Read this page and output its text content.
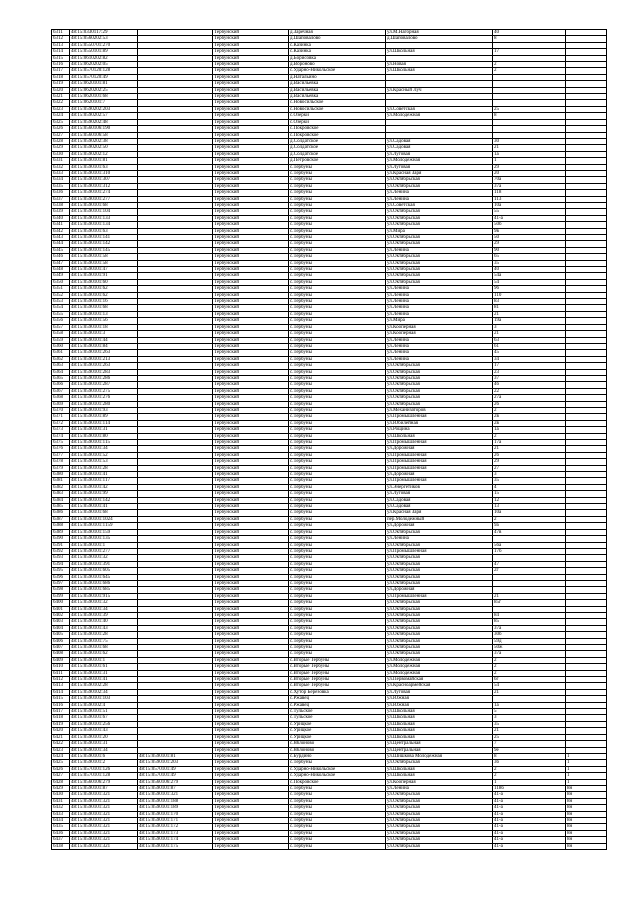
6311	48:15:0330117:29		Тербунский	д.Заречная	ул.М.Нагорная	40	
6312	48:15:0560202:53		Тербунский	д.Шаповалово	д.Шаповалово	8	
6313	48:15:0550701:270		Тербунский	с.Казинка			
6314	48:15:0550101:89		Тербунский	с.Казинка	ул.Школьная	17	
6315	48:15:0610202:82		Тербунский	д.Борисовка			
6316	48:15:0620202:05		Тербунский	д.Вороново	ул.Новая	2	
6317	48:15:0570120:128		Тербунский	с.Ударно-Никольское	ул.Школьная	2	
6318	48:15:0570120:49		Тербунский	д.Натальино			
6319	48:15:0620101:81		Тербунский	д.Васильевка			
6320	48:15:0620202:25		Тербунский	д.Васильевка	ул.Красный Луч		
6321	48:15:0620101:68		Тербунский	д.Васильевка			
6322	48:15:0620101:7		Тербунский	с.Новосильское			
6323	48:15:0590202:203		Тербунский	с.Новосильское	ул.Советская	25	
6324	48:15:0590202:57		Тербунский	с.Озерки	ул.Молодежная	8	
6325	48:15:0590202:48		Тербунский	с.Озерки			
6326	48:15:0560106:190		Тербунский	с.Покровское			
6327	48:15:0560106:58		Тербунский	с.Покровское			
6328	48:15:0590202:38		Тербунский	д.Солдатское	ул.Садовая	30	
6329	48:15:0590202:50		Тербунский	д.Солдатское	ул.Садовая	21	
6330	48:15:0590202:12		Тербунский	д.Солдатское	ул.Луговая	1а	
6331	48:15:0590101:81		Тербунский	д.Петровское	ул.Молодежная	1	
6332	48:15:0590101:63		Тербунский	с.Тербуны	ул.Луговая	29	
6333	48:15:0590101:310		Тербунский	с.Тербуны	ул.Красная Заря	20	
6334	48:15:0590101:307		Тербунский	с.Тербуны	ул.Октябрьская	70а	
6335	48:15:0590101:312		Тербунский	с.Тербуны	ул.Октябрьская	37а	
6336	48:15:0590101:274		Тербунский	с.Тербуны	ул.Ленина	118	
6337	48:15:0590101:277		Тербунский	с.Тербуны	ул.Ленина	113	
6338	48:15:0590101:68		Тербунский	с.Тербуны	ул.Советская	10а	
6339	48:15:0590101:104		Тербунский	с.Тербуны	ул.Октябрьская	55	
6340	48:15:0590101:133		Тербунский	с.Тербуны	ул.Октябрьская	41-а	
6341	48:15:0590101:134		Тербунский	с.Тербуны	ул.Октябрьская	50б	
6342	48:15:0590101:63		Тербунский	с.Тербуны	ул.Мира	9в	
6343	48:15:0590101:141		Тербунский	с.Тербуны	ул.Октябрьская	50	
6344	48:15:0590101:142		Тербунский	с.Тербуны	ул.Октябрьская	29	
6345	48:15:0590101:145		Тербунский	с.Тербуны	ул.Ленина	90	
6346	48:15:0590101:58		Тербунский	с.Тербуны	ул.Октябрьская	65	
6347	48:15:0590101:58		Тербунский	с.Тербуны	ул.Октябрьская	35	
6348	48:15:0590101:47		Тербунский	с.Тербуны	ул.Октябрьская	40	
6349	48:15:0590101:91		Тербунский	с.Тербуны	ул.Октябрьская	54а	
6350	48:15:0590101:60		Тербунский	с.Тербуны	ул.Октябрьская	54	
6351	48:15:0590101:62		Тербунский	с.Тербуны	ул.Ленина	96	
6352	48:15:0590101:62		Тербунский	с.Тербуны	ул.Ленина	110	
6353	48:15:0590101:16		Тербунский	с.Тербуны	ул.Ленина	83	
6354	48:15:0590101:68		Тербунский	с.Тербуны	ул.Ленина	81	
6355	48:15:0590101:13		Тербунский	с.Тербуны	ул.Ленина	21	
6356	48:15:0590101:56		Тербунский	с.Тербуны	ул.Мира	19а	
6357	48:15:0590101:18		Тербунский	с.Тербуны	ул.Кооперная	3	
6358	48:15:0590101:3		Тербунский	с.Тербуны	ул.Кооперная	21	
6359	48:15:0590101:44		Тербунский	с.Тербуны	ул.Ленина	63	
6360	48:15:0590101:84		Тербунский	с.Тербуны	ул.Ленина	61	
6361	48:15:0590101:263		Тербунский	с.Тербуны	ул.Ленина	45	
6362	48:15:0590101:213		Тербунский	с.Тербуны	ул.Ленина	34	
6363	48:15:0590101:263		Тербунский	с.Тербуны	ул.Октябрьская	17	
6364	48:15:0590101:283		Тербунский	с.Тербуны	ул.Октябрьская	23	
6365	48:15:0590101:286		Тербунский	с.Тербуны	ул.Октябрьская	37	
6366	48:15:0590101:287		Тербунский	с.Тербуны	ул.Октябрьская	46	
6367	48:15:0590101:275		Тербунский	с.Тербуны	ул.Октябрьская	22	
6368	48:15:0590101:276		Тербунский	с.Тербуны	ул.Октябрьская	27а	
6369	48:15:0590101:280		Тербунский	с.Тербуны	ул.Октябрьская	26	
6370	48:15:0590101:93		Тербунский	с.Тербуны	ул.Механизаторов	2	
6371	48:15:0590101:89		Тербунский	с.Тербуны	ул.Промышленная	2в	
6372	48:15:0590101:114		Тербунский	с.Тербуны	ул.Юбилейная	2в	
6373	48:15:0590101:31		Тербунский	с.Тербуны	ул.Рощина	1а	
6374	48:15:0590101:80		Тербунский	с.Тербуны	ул.Школьная	2	
6375	48:15:0590101:115		Тербунский	с.Тербуны	ул.Промышленная	17а	
6376	48:15:0590101:34		Тербунский	с.Тербуны	ул.Дорожная	21	
6377	48:15:0590101:52		Тербунский	с.Тербуны	ул.Промышленная	26	
6378	48:15:0590101:53		Тербунский	с.Тербуны	ул.Промышленная	29	
6379	48:15:0590101:28		Тербунский	с.Тербуны	ул.Промышленная	27	
6380	48:15:0590101:41		Тербунский	с.Тербуны	ул.Дорожная	3	
6381	48:15:0590101:117		Тербунский	с.Тербуны	ул.Промышленная	35	
6382	48:15:0590101:42		Тербунский	с.Тербуны	ул.Энергетиков	4	
6383	48:15:0590101:99		Тербунский	с.Тербуны	ул.Луговая	15	
6384	48:15:0590101:142		Тербунский	с.Тербуны	ул.Садовая	12	
6385	48:15:0590101:41		Тербунский	с.Тербуны	ул.Садовая	13	
6386	48:15:0590101:68		Тербунский	с.Тербуны	ул.Красная Заря	10а	
6387	48:15:0590101:1024		Тербунский	с.Тербуны	пер.Молодежный	2	
6388	48:15:0590101:1159		Тербунский	с.Тербуны	ул.Дорожная	9а	
6389	48:15:0590101:159		Тербунский	с.Тербуны	ул.Октябрьская	47в	
6390	48:15:0590101:135		Тербунский	с.Тербуны	ул.Ленина		
6391	48:15:0590101:1		Тербунский	с.Тербуны	ул.Октябрьская	56а	
6392	48:15:0590101:277		Тербунский	с.Тербуны	ул.Промышленная	17б	
6393	48:15:0590101:32		Тербунский	с.Тербуны	ул.Октябрьская		
6394	48:15:0590101:391		Тербунский	с.Тербуны	ул.Октябрьская	47	
6395	48:15:0590101:605		Тербунский	с.Тербуны	ул.Октябрьская	2г	
6396	48:15:0590101:645		Тербунский	с.Тербуны	ул.Октябрьская		
6397	48:15:0590101:686		Тербунский	с.Тербуны	ул.Октябрьская		
6398	48:15:0590101:685		Тербунский	с.Тербуны	ул.Дорожная		
6399	48:15:0590101:915		Тербунский	с.Тербуны	ул.Промышленная	21	
6400	48:15:0590101:32		Тербунский	с.Тербуны	ул.Октябрьская	85г	
6401	48:15:0590101:34		Тербунский	с.Тербуны	ул.Октябрьская		
6402	48:15:0590101:39		Тербунский	с.Тербуны	ул.Октябрьская	84	
6403	48:15:0590101:40		Тербунский	с.Тербуны	ул.Октябрьская	85	
6404	48:15:0590101:43		Тербунский	с.Тербуны	ул.Октябрьская	37а	
6405	48:15:0590101:28		Тербунский	с.Тербуны	ул.Октябрьская	30б	
6406	48:15:0590101:75		Тербунский	с.Тербуны	ул.Октябрьская	59д	
6407	48:15:0590101:68		Тербунский	с.Тербуны	ул.Октябрьская	50ж	
6408	48:15:0590101:62		Тербунский	с.Тербуны	ул.Октябрьская	37а	
6409	48:15:0590101:1		Тербунский	с.Вторые Тербуны	ул.Молодежная	2	
6410	48:15:0590101:61		Тербунский	с.Вторые Тербуны	ул.Молодежная	2	
6411	48:15:0590101:31		Тербунский	с.Вторые Тербуны	ул.Молодежная	2	
6412	48:15:0590101:41		Тербунский	с.Вторые Тербуны	ул.Первомайская	6г	
6413	48:15:0590102:28		Тербунский	с.Вторые Тербуны	ул.Красноармейская	54	
6414	48:15:0590102:34		Тербунский	с.Хутор Березовка	ул.Луговая	21	
6415	48:15:0590101:103		Тербунский	с.Ржавец	ул.Южная		
6416	48:15:0590102:4		Тербунский	с.Ржавец	ул.Южная	1а	
6417	48:15:0590101:51		Тербунский	с.Тульское	ул.Школьная	5	
6418	48:15:0590101:67		Тербунский	с.Тульское	ул.Школьная	3	
6419	48:15:0590101:256		Тербунский	с.Урицкое	ул.Школьная	35	
6420	48:15:0590101:43		Тербунский	с.Урицкое	ул.Школьная	21	
6421	48:15:0590101:20		Тербунский	с.Урицкое	ул.Школьная	25	
6422	48:15:0590101:31		Тербунский	с.Яблоново	ул.Центральная	7	
6423	48:15:0590101:34		Тербунский	с.Яблоново	ул.Центральная	9е	
6424	48:15:0590101:6	48:15:0590101:81	Тербунский	с.Бурдино	ул.Шишкова Молодежная	8	1
6425	48:15:0590101:2	48:15:0590101:203	Тербунский	с.Тербуны	ул.Октябрьская	3б	1
6426	48:15:0570101:126	48:15:0570101:49	Тербунский	с.Ударно-Никольское	ул.Школьная	2	1
6427	48:15:0570101:128	48:15:0570101:49	Тербунский	с.Ударно-Никольское	ул.Школьная	2	1
6428	48:15:0560106:279	48:15:0560106:279	Тербунский	с.Покровское	ул.Кооперная	1	1
6429	48:15:0590101:87	48:15:0590101:87	Тербунский	с.Тербуны	ул.Ленина	118б	8н
6430	48:15:0590101:321	48:15:0590101:321	Тербунский	с.Тербуны	ул.Октябрьская	41-а	8н
6431	48:15:0590101:321	48:15:0590101:188	Тербунский	с.Тербуны	ул.Октябрьская	41-а	8н
6432	48:15:0590101:321	48:15:0590101:189	Тербунский	с.Тербуны	ул.Октябрьская	41-а	8н
6433	48:15:0590101:321	48:15:0590101:170	Тербунский	с.Тербуны	ул.Октябрьская	41-а	8н
6434	48:15:0590101:321	48:15:0590101:171	Тербунский	с.Тербуны	ул.Октябрьская	41-а	8н
6435	48:15:0590101:321	48:15:0590101:172	Тербунский	с.Тербуны	ул.Октябрьская	41-а	8н
6436	48:15:0590101:321	48:15:0590101:173	Тербунский	с.Тербуны	ул.Октябрьская	41-а	8н
6437	48:15:0590101:321	48:15:0590101:174	Тербунский	с.Тербуны	ул.Октябрьская	41-а	8н
6438	48:15:0590101:321	48:15:0590101:175	Тербунский	с.Тербуны	ул.Октябрьская	41-а	8н
